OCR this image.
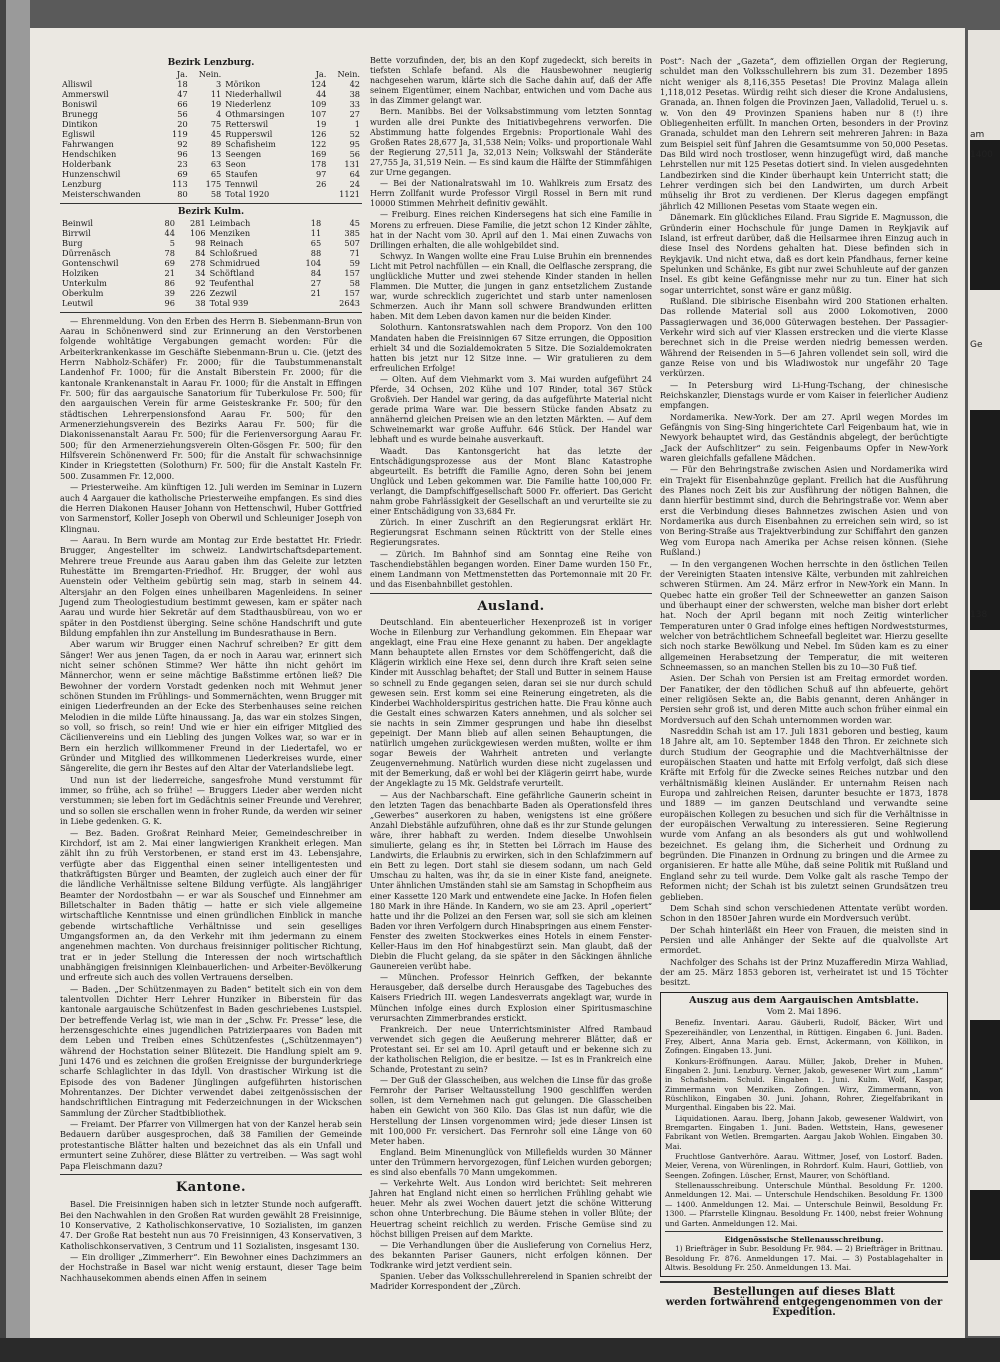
am
1400
Ge
138
Bezirk Lenzburg.
	Ja.	Nein.		Ja.	Nein.
Alliswil	18	3	Mörikon	124	42
Ammerswil	47	11	Niederhallwil	44	38
Boniswil	66	19	Niederlenz	109	33
Brunegg	56	4	Othmarsingen	107	27
Dintikon	20	75	Retterswil	19	1
Egliswil	119	45	Rupperswil	126	52
Fahrwangen	92	89	Schafisheim	122	95
Hendschiken	96	13	Seengen	169	56
Holderbank	23	63	Seon	178	131
Hunzenschwil	69	65	Staufen	97	64
Lenzburg	113	175	Tennwil	26	24
Meisterschwanden	80	58	Total 1920		1121
Bezirk Kulm.
Beinwil	80	281	Leimbach	18	45
Birrwil	44	106	Menziken	11	385
Burg	5	98	Reinach	65	507
Dürrenäsch	78	84	Schloßrued	88	71
Gontenschwil	69	278	Schmidrued	104	59
Holziken	21	34	Schöftland	84	157
Unterkulm	86	92	Teufenthal	27	58
Oberkulm	39	226	Zezwil	21	157
Leutwil	96	38	Total 939		2643

— Ehrenmeldung. Von den Erben des Herrn B. Siebenmann-Brun von Aarau in Schönenwerd sind zur Erinnerung an den Verstorbenen folgende wohltätige Vergabungen gemacht worden: Für die Arbeiterkrankenkasse im Geschäfte Siebenmann-Brun u. Cie. (jetzt des Herrn Nabholz-Schäfer) Fr. 2000; für die Taubstummenanstalt Landenhof Fr. 1000; für die Anstalt Biberstein Fr. 2000; für die kantonale Krankenanstalt in Aarau Fr. 1000; für die Anstalt in Effingen Fr. 500; für das aargauische Sanatorium für Tuberkulose Fr. 500; für den aargauischen Verein für arme Geisteskranke Fr. 500; für den städtischen Lehrerpensionsfond Aarau Fr. 500; für den Armenerziehungsverein des Bezirks Aarau Fr. 500; für die Diakonissenanstalt Aarau Fr. 500; für die Ferienversorgung Aarau Fr. 500; für den Armenerziehungsverein Olten-Gösgen Fr. 500; für den Hilfsverein Schönenwerd Fr. 500; für die Anstalt für schwachsinnige Kinder in Kriegstetten (Solothurn) Fr. 500; für die Anstalt Kasteln Fr. 500. Zusammen Fr. 12,000.

— Priesterweihe. Am künftigen 12. Juli werden im Seminar in Luzern auch 4 Aargauer die katholische Priesterweihe empfangen. Es sind dies die Herren Diakonen Hauser Johann von Hettenschwil, Huber Gottfried von Sarmenstorf, Koller Joseph von Oberwil und Schleuniger Joseph von Klingnau.

— Aarau. In Bern wurde am Montag zur Erde bestattet Hr. Friedr. Brugger, Angestellter im schweiz. Landwirtschaftsdepartement. Mehrere treue Freunde aus Aarau gaben ihm das Geleite zur letzten Ruhestätte im Bremgarten-Friedhof. Hr. Brugger, der wohl aus Auenstein oder Veltheim gebürtig sein mag, starb in seinem 44. Altersjahr an den Folgen eines unheilbaren Magenleidens. In seiner Jugend zum Theologiestudium bestimmt gewesen, kam er später nach Aarau und wurde hier Sekretär auf dem Stadthausbüreau, von wo er später in den Postdienst überging. Seine schöne Handschrift und gute Bildung empfahlen ihn zur Anstellung im Bundesrathause in Bern.

Aber warum wir Brugger einen Nachruf schreiben? Er gitt dem Sänger! Wer aus jenen Tagen, da er noch in Aarau war, erinnert sich nicht seiner schönen Stimme? Wer hätte ihn nicht gehört im Männerchor, wenn er seine mächtige Baßstimme ertönen ließ? Die Bewohner der vordern Vorstadt gedenken noch mit Wehmut jener schönen Stunden im Frühlings- und Sommernächten, wenn Brugger mit einigen Liederfreunden an der Ecke des Sterbenhauses seine reichen Melodien in die milde Lüfte hinaussang. Ja, das war ein stolzes Singen, so voll, so frisch, so rein! Und wie er hier ein eifriger Mitglied des Cäcilienvereins und ein Liebling des jungen Volkes war, so war er in Bern ein herzlich willkommener Freund in der Liedertafel, wo er Gründer und Mitglied des willkommenen Liederkreises wurde, einer Sängerelite, die gern ihr Bestes auf den Altar der Vaterlandsliebe legt.

Und nun ist der liederreiche, sangesfrohe Mund verstummt für immer, so frühe, ach so frühe! — Bruggers Lieder aber werden nicht verstummen; sie leben fort im Gedächtnis seiner Freunde und Verehrer, und so sollen sie erschallen wenn in froher Runde, da werden wir seiner in Liebe gedenken. G. K.

— Bez. Baden. Großrat Reinhard Meier, Gemeindeschreiber in Kirchdorf, ist am 2. Mai einer langwierigen Krankheit erlegen. Man zählt ihn zu früh Verstorbenen, er stand erst im 43. Lebensjahre, verfügte aber das Eiggenthal einen seiner intelligentesten und thatkräftigsten Bürger und Beamten, der zugleich auch einer der für die ländliche Verhältnisse seltene Bildung verfügte. Als langjähriger Beamter der Nordostbahn — er war als Souschef und Einnehmer am Billetschalter in Baden thätig — hatte er sich viele allgemeine wirtschaftliche Kenntnisse und einen gründlichen Einblick in manche gebende wirtschaftliche Verhältnisse und sein geselliges Umgangsformen an, da den Verkehr mit ihm jedermann zu einem angenehmen machten. Von durchaus freisinniger politischer Richtung, trat er in jeder Stellung die Interessen der noch wirtschaftlich unabhängigen freisinnigen Kleinbauerlichen- und Arbeiter-Bevölkerung und erfreute sich auch des vollen Vertrauens derselben.

— Baden. „Der Schützenmayen zu Baden“ betitelt sich ein von dem talentvollen Dichter Herr Lehrer Hunziker in Biberstein für das kantonale aargauische Schützenfest in Baden geschriebenes Lustspiel. Der betreffende Verlag ist, wie man in der „Schw. Fr. Presse“ lese, die herzensgeschichte eines jugendlichen Patrizierpaares von Baden mit dem Leben und Treiben eines Schützenfestes („Schützenmayen“) während der Hochstation seiner Blütezeit. Die Handlung spielt am 9. Juni 1476 und es zeichnen die großen Ereignisse der burgunderkriege scharfe Schlaglichter in das Idyll. Von drastischer Wirkung ist die Episode des von Badener Jünglingen aufgeführten historischen Mohrentanzes. Der Dichter verwendet dabei zeitgenössischen der handschriftlichen Eintragung mit Federzeichnungen in der Wickschen Sammlung der Zürcher Stadtbibliothek.

— Freiamt. Der Pfarrer von Villmergen hat von der Kanzel herab sein Bedauern darüber ausgesprochen, daß 38 Familien der Gemeinde protestantische Blätter halten und bezeichnet das als ein Unfall und ermuntert seine Zuhörer, diese Blätter zu vertreiben. — Was sagt wohl Papa Fleischmann dazu?

Kantone.

Basel. Die Freisinnigen haben sich in letzter Stunde noch aufgerafft. Bei den Nachwahlen in den Großen Rat wurden gewählt 28 Freisinnige, 10 Konservative, 2 Katholischkonservative, 10 Sozialisten, im ganzen 47. Der Große Rat besteht nun aus 70 Freisinnigen, 43 Konservativen, 3 Katholischkonservativen, 3 Centrum und 11 Sozialisten, insgesamt 130.

— Ein drolliger „Zimmerherr“. Ein Bewohner eines Dachzimmers an der Hochstraße in Basel war nicht wenig erstaunt, dieser Tage beim Nachhausekommen abends einen Affen in seinem

Bette vorzufinden, der, bis an den Kopf zugedeckt, sich bereits in tiefsten Schlafe befand. Als die Hausbewohner neugierig nachgesehen warum, klärte sich die Sache dahin auf, daß der Affe seinem Eigentümer, einem Nachbar, entwichen und vom Dache aus in das Zimmer gelangt war.

Bern. Manibbs. Bei der Volksabstimmung vom letzten Sonntag wurden alle drei Punkte des Initiativbegehrens verworfen. Die Abstimmung hatte folgendes Ergebnis: Proportionale Wahl des Großen Rates 28,677 Ja, 31,538 Nein; Volks- und proportionale Wahl der Regierung 27,511 Ja, 32,013 Nein; Volkswahl der Ständeräte 27,755 Ja, 31,519 Nein. — Es sind kaum die Hälfte der Stimmfähigen zur Urne gegangen.

— Bei der Nationalratswahl im 10. Wahlkreis zum Ersatz des Herrn Zollfanit wurde Professor Virgil Rossel in Bern mit rund 10000 Stimmen Mehrheit definitiv gewählt.

— Freiburg. Eines reichen Kindersegens hat sich eine Familie in Morens zu erfreuen. Diese Familie, die jetzt schon 12 Kinder zählte, hat in der Nacht vom 30. April auf den 1. Mai einen Zuwachs von Drillingen erhalten, die alle wohlgebildet sind.

Schwyz. In Wangen wollte eine Frau Luise Bruhin ein brennendes Licht mit Petrol nachfüllen — ein Knall, die Oelflasche zersprang, die unglückliche Mutter und zwei stehende Kinder standen in hellen Flammen. Die Mutter, die jungen in ganz entsetzlichem Zustande war, wurde schrecklich zugerichtet und starb unter namenlosen Schmerzen. Auch ihr Mann soll schwere Brandwunden erlitten haben. Mit dem Leben davon kamen nur die beiden Kinder.

Solothurn. Kantonsratswahlen nach dem Proporz. Von den 100 Mandaten haben die Freisinnigen 67 Sitze errungen, die Opposition erhielt 34 und die Sozialdemokraten 5 Sitze. Die Sozialdemokraten hatten bis jetzt nur 12 Sitze inne. — Wir gratulieren zu dem erfreulichen Erfolge!

— Olten. Auf dem Viehmarkt vom 3. Mai wurden aufgeführt 24 Pferde, 34 Ochsen, 202 Kühe und 107 Rinder, total 367 Stück Großvieh. Der Handel war gering, da das aufgeführte Material nicht gerade prima Ware war. Die bessern Stücke fanden Absatz zu annähernd gleichen Preisen wie an den letzten Märkten. — Auf dem Schweinemarkt war große Auffuhr. 646 Stück. Der Handel war lebhaft und es wurde beinahe ausverkauft.

Waadt. Das Kantonsgericht hat das letzte der Entschädigungsprozesse aus der Mont Blanc Katastrophe abgeurteilt. Es betrifft die Familie Agno, deren Sohn bei jenem Unglück und Leben gekommen war. Die Familie hatte 100,000 Fr. verlangt, die Dampfschiffgesellschaft 5000 Fr. offeriert. Das Gericht nahm grobe Fahrlässigkeit der Gesellschaft an und verurteilte sie zu einer Entschädigung von 33,684 Fr.

Zürich. In einer Zuschrift an den Regierungsrat erklärt Hr. Regierungsrat Eschmann seinen Rücktritt von der Stelle eines Regierungsrates.

— Zürich. Im Bahnhof sind am Sonntag eine Reihe von Taschendiebstählen begangen worden. Einer Dame wurden 150 Fr., einem Landmann von Mettmenstetten das Portemonnaie mit 20 Fr. und das Eisenbahnbillet gestohlen.

Ausland.

Deutschland. Ein abenteuerlicher Hexenprozeß ist in voriger Woche in Eilenburg zur Verhandlung gekommen. Ein Ehepaar war angeklagt, eine Frau eine Hexe genannt zu haben. Der angeklagte Mann behauptete allen Ernstes vor dem Schöffengericht, daß die Klägerin wirklich eine Hexe sei, denn durch ihre Kraft seien seine Kinder mit Ausschlag behaftet; der Stall und Butter in seinem Hause so schnell zu Ende gegangen seien, daran sei sie nur durch schuld gewesen sein. Erst komm sei eine Reinerung eingetreten, als die Kinderbei Wachholderspiritus gestrichen hatte. Die Frau könne auch die Gestalt eines schwarzen Katers annehmen, und als solcher sei sie nachts in sein Zimmer gesprungen und habe ihn dieselbst gepeinigt. Der Mann blieb auf allen seinen Behauptungen, die natürlich umgehen zurückgewiesen werden mußten, wollte er ihm sogar Beweis der Wahrheit antreten und verlangte Zeugenvernehmung. Natürlich wurden diese nicht zugelassen und mit der Bemerkung, daß er wohl bei der Klägerin geirrt habe, wurde der Angeklagte zu 15 Mk. Geldstrafe verurteilt.

— Aus der Nachbarschaft. Eine gefährliche Gaunerin scheint in den letzten Tagen das benachbarte Baden als Operationsfeld ihres „Gewerbes“ auserkoren zu haben, wenigstens ist eine größere Anzahl Diebstähle aufzuführen, ohne daß es ihr zur Stunde gelungen wäre, ihrer habhaft zu werden. Indem dieselbe Unwohlsein simulierte, gelang es ihr, in Stetten bei Lörrach im Hause des Landwirts, die Erlaubnis zu erwirken, sich in den Schlafzimmern auf ein Bett zu legen. Dort stahl sie diesem sodann, um nach Geld Umschau zu halten, was ihr, da sie in einer Kiste fand, aneignete. Unter ähnlichen Umständen stahl sie am Samstag in Schopfheim aus einer Kassette 120 Mark und entwendete eine Jacke. In Hofen fielen 180 Mark in ihre Hände. In Kandern, wo sie am 23. April „operiert“ hatte und ihr die Polizei an den Fersen war, soll sie sich am kleinen Baden vor ihren Verfolgern durch Hinabspringen aus einem Fenster-Fenster des zweiten Stockwerkes eines Hotels in einem Fenster-Keller-Haus im den Hof hinabgestürzt sein. Man glaubt, daß der Diebin die Flucht gelang, da sie später in den Säckingen ähnliche Gaunereien verübt habe.

— München. Professor Heinrich Geffken, der bekannte Herausgeber, daß derselbe durch Herausgabe des Tagebuches des Kaisers Friedrich III. wegen Landesverrats angeklagt war, wurde in München infolge eines durch Explosion einer Spiritusmaschine verursachten Zimmerbrandes erstickt.

Frankreich. Der neue Unterrichtsminister Alfred Rambaud verwendet sich gegen die Aeußerung mehrerer Blätter, daß er Protestant sei. Er sei am 10. April getauft und er bekenne sich zu der katholischen Religion, die er besitze. — Ist es in Frankreich eine Schande, Protestant zu sein?

— Der Guß der Glasscheiben, aus welchen die Linse für das große Fernrohr der Pariser Weltausstellung 1900 geschliffen werden sollen, ist dem Vernehmen nach gut gelungen. Die Glasscheiben haben ein Gewicht von 360 Kilo. Das Glas ist nun dafür, wie die Herstellung der Linsen vorgenommen wird; jede dieser Linsen ist mit 100,000 Fr. versichert. Das Fernrohr soll eine Länge von 60 Meter haben.

England. Beim Minenunglück von Millefields wurden 30 Männer unter den Trümmern hervorgezogen, fünf Leichen wurden geborgen; es sind also ebenfalls 70 Mann umgekommen.

— Verkehrte Welt. Aus London wird berichtet: Seit mehreren Jahren hat England nicht einen so herrlichen Frühling gehabt wie heuer. Mehr als zwei Wochen dauert jetzt die schöne Witterung schon ohne Unterbrechung. Die Bäume stehen in voller Blüte; der Heuertrag scheint reichlich zu werden. Frische Gemüse sind zu höchst billigen Preisen auf dem Markte.

— Die Verhandlungen über die Auslieferung von Cornelius Herz, des bekannten Pariser Gauners, nicht erfolgen können. Der Todkranke wird jetzt verdient sein.

Spanien. Ueber das Volksschullehrerelend in Spanien schreibt der Madrider Korrespondent der „Zürch.

Post“: Nach der „Gazeta“, dem offiziellen Organ der Regierung, schuldet man den Volksschullehrern bis zum 31. Dezember 1895 nicht weniger als 8,116,355 Pesetas! Die Provinz Malaga allein 1,118,012 Pesetas. Würdig reiht sich dieser die Krone Andalusiens, Granada, an. Ihnen folgen die Provinzen Jaen, Valladolid, Teruel u. s. w. Von den 49 Provinzen Spaniens haben nur 8 (!) ihre Obliegenheiten erfüllt. In manchen Orten, besonders in der Provinz Granada, schuldet man den Lehrern seit mehreren Jahren: in Baza zum Beispiel seit fünf Jahren die Gesamtsumme von 50,000 Pesetas. Das Bild wird noch trostloser, wenn hinzugefügt wird, daß manche Lehrstellen nur mit 125 Pesetas dotiert sind. In vielen ausgedehnten Landbezirken sind die Kinder überhaupt kein Unterricht statt; die Lehrer verdingen sich bei den Landwirten, um durch Arbeit mühselig ihr Brot zu verdienen. Der Klerus dagegen empfängt jährlich 42 Millionen Pesetas vom Staate wegen ein.

Dänemark. Ein glückliches Eiland. Frau Sigride E. Magnusson, die Gründerin einer Hochschule für junge Damen in Reykjavik auf Island, ist erfreut darüber, daß die Heilsarmee ihren Einzug auch in diese Insel des Nordens gehalten hat. Diese befinden sich in Reykjavik. Und nicht etwa, daß es dort kein Pfandhaus, ferner keine Spelunken und Schänke, Es gibt nur zwei Schuhleute auf der ganzen Insel. Es gibt keine Gefängnisse mehr nur zu tun. Einer hat sich sogar unterrichtet, sonst wäre er ganz müßig.

Rußland. Die sibirische Eisenbahn wird 200 Stationen erhalten. Das rollende Material soll aus 2000 Lokomotiven, 2000 Passagierwagen und 36,000 Güterwagen bestehen. Der Passagier-Verkehr wird sich auf vier Klassen erstrecken und die vierte Klasse berechnet sich in die Preise werden niedrig bemessen werden. Während der Reisenden in 5—6 Jahren vollendet sein soll, wird die ganze Reise von und bis Wladiwostok nur ungefähr 20 Tage verkürzen.

— In Petersburg wird Li-Hung-Tschang, der chinesische Reichskanzler, Dienstags wurde er vom Kaiser in feierlicher Audienz empfangen.

Nordamerika. New-York. Der am 27. April wegen Mordes im Gefängnis von Sing-Sing hingerichtete Carl Feigenbaum hat, wie in Newyork behauptet wird, das Geständnis abgelegt, der berüchtigte „Jack der Aufschlitzer“ zu sein. Feigenbaums Opfer in New-York waren gleichfalls gefallene Mädchen.

— Für den Behringstraße zwischen Asien und Nordamerika wird ein Trajekt für Eisenbahnzüge geplant. Freilich hat die Ausführung des Planes noch Zeit bis zur Ausführung der nötigen Bahnen, die dann hierfür bestimmt sind, durch die Behringstraße vor. Wenn aber erst die Verbindung dieses Bahnnetzes zwischen Asien und von Nordamerika aus durch Eisenbahnen zu erreichen sein wird, so ist von Bering-Straße aus Trajektverbindung zur Schiffahrt den ganzen Weg vom Europa nach Amerika per Achse reisen können. (Siehe Rußland.)

— In den vergangenen Wochen herrschte in den östlichen Teilen der Vereinigten Staaten intensive Kälte, verbunden mit zahlreichen schweren Stürmen. Am 24. März erfror in New-York ein Mann. In Quebec hatte ein großer Teil der Schneewetter an ganzen Saison und überhaupt einer der schwersten, welche man bisher dort erlebt hat. Noch der April begann mit noch Zeitig winterlicher Temperaturen unter 0 Grad infolge eines heftigen Nordweststurmes, welcher von beträchtlichem Schneefall begleitet war. Hierzu gesellte sich noch starke Bewölkung und Nebel. Im Süden kam es zu einer allgemeinen Herabsetzung der Temperatur, die mit weiteren Schneemassen, so an manchen Stellen bis zu 10—30 Fuß tief.

Asien. Der Schah von Persien ist am Freitag ermordet worden. Der Fanatiker, der den tödlichen Schuß auf ihn abfeuerte, gehört einer religiösen Sekte an, die Babis genannt, deren Anhänger in Persien sehr groß ist, und deren Mitte auch schon früher einmal ein Mordversuch auf den Schah unternommen worden war.

Nasreddin Schah ist am 17. Juli 1831 geboren und bestieg, kaum 18 Jahre alt, am 10. September 1848 den Thron. Er zeichnete sich durch Studium der Geographie und die Machtverhältnisse der europäischen Staaten und hatte mit Erfolg verfolgt, daß sich diese Kräfte mit Erfolg für die Zwecke seines Reiches nutzbar und den verhältnismäßig kleinen Ausländer. Er unternahm Reisen nach Europa und zahlreichen Reisen, darunter besuchte er 1873, 1878 und 1889 — im ganzen Deutschland und verwandte seine europäischen Kollegen zu besuchen und sich für die Verhältnisse in der europäischen Verwaltung zu interessieren. Seine Regierung wurde vom Anfang an als besonders als gut und wohlwollend bezeichnet. Es gelang ihm, die Sicherheit und Ordnung zu begründen. Die Finanzen in Ordnung zu bringen und die Armee zu organisieren. Er hatte alle Mühe, daß seine Politik mit Rußland und England sehr zu teil wurde. Dem Volke galt als rasche Tempo der Reformen nicht; der Schah ist bis zuletzt seinen Grundsätzen treu geblieben.

Dem Schah sind schon verschiedenen Attentate verübt worden. Schon in den 1850er Jahren wurde ein Mordversuch verübt.

Der Schah hinterläßt ein Heer von Frauen, die meisten sind in Persien und alle Anhänger der Sekte auf die qualvollste Art ermordet.

Nachfolger des Schahs ist der Prinz Muzafferedin Mirza Wahliad, der am 25. März 1853 geboren ist, verheiratet ist und 15 Töchter besitzt.

Auszug aus dem Aargauischen Amtsblatte.
Vom 2. Mai 1896.

Benefiz. Inventari. Aarau. Gäuberli, Rudolf, Bäcker, Wirt und Spezereihändler, von Lenzenthal, in Rüttigen. Eingaben 6. Juni. Baden. Frey, Albert, Anna Maria geb. Ernst, Ackermann, von Köllikon, in Zofingen. Eingaben 13. Juni.

Konkurs-Eröffnungen. Aarau. Müller, Jakob, Dreher in Muhen. Eingaben 2. Juni. Lenzburg. Verner, Jakob, gewesener Wirt zum „Lamm“ in Schafisheim. Schuld. Eingaben 1. Juni. Kulm. Wolf, Kaspar, Zimmermann von Menziken. Zofingen. Wirz, Zimmermann, von Rüschlikon, Eingaben 30. Juni. Johann, Rohrer, Ziegelfabrikant in Murgenthal. Eingaben bis 22. Mai.

Liquidationen. Aarau. Iberg, Johann Jakob, gewesener Waldwirt, von Bremgarten. Eingaben 1. Juni. Baden. Wettstein, Hans, gewesener Fabrikant von Wetlen. Bremgarten. Aargau Jakob Wohlen. Eingaben 30. Mai.

Fruchtlose Gantverhöre. Aarau. Wittmer, Josef, von Lostorf. Baden. Meier, Verena, von Würenlingen, in Rohrdorf. Kulm. Hauri, Gottlieb, von Seengen. Zofingen. Lüscher, Ernst, Maurer, von Schöftland.

Stellenausschreibung. Unterschule Münthal. Besoldung Fr. 1200. Anmeldungen 12. Mai. — Unterschule Hendschiken. Besoldung Fr. 1300 — 1400. Anmeldungen 12. Mai. — Unterschule Beinwil, Besoldung Fr. 1300. — Pfarrstelle Klingnau. Besoldung Fr. 1400, nebst freier Wohnung und Garten. Anmeldungen 12. Mai.

Eidgenössische Stellenausschreibung.

1) Briefträger in Subr. Besoldung Fr. 984. — 2) Briefträger in Brittnau. Besoldung Fr. 876. Anmeldungen 17. Mai. — 3) Postablagehalter in Altwis. Besoldung Fr. 250. Anmeldungen 13. Mai.

Bestellungen auf dieses Blatt
werden fortwährend entgegengenommen von der Expedition.
